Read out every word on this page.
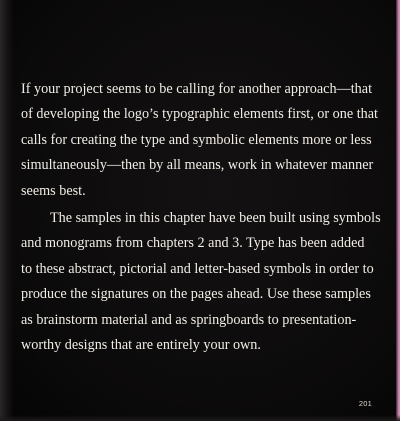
If your project seems to be calling for another approach—that
of developing the logo’s typographic elements first, or one that
calls for creating the type and symbolic elements more or less
simultaneously—then by all means, work in whatever manner
seems best.

The samples in this chapter have been built using symbols
and monograms from chapters 2 and 3. Type has been added
to these abstract, pictorial and letter-based symbols in order to
produce the signatures on the pages ahead. Use these samples
as brainstorm material and as springboards to presentation-
worthy designs that are entirely your own.

201
